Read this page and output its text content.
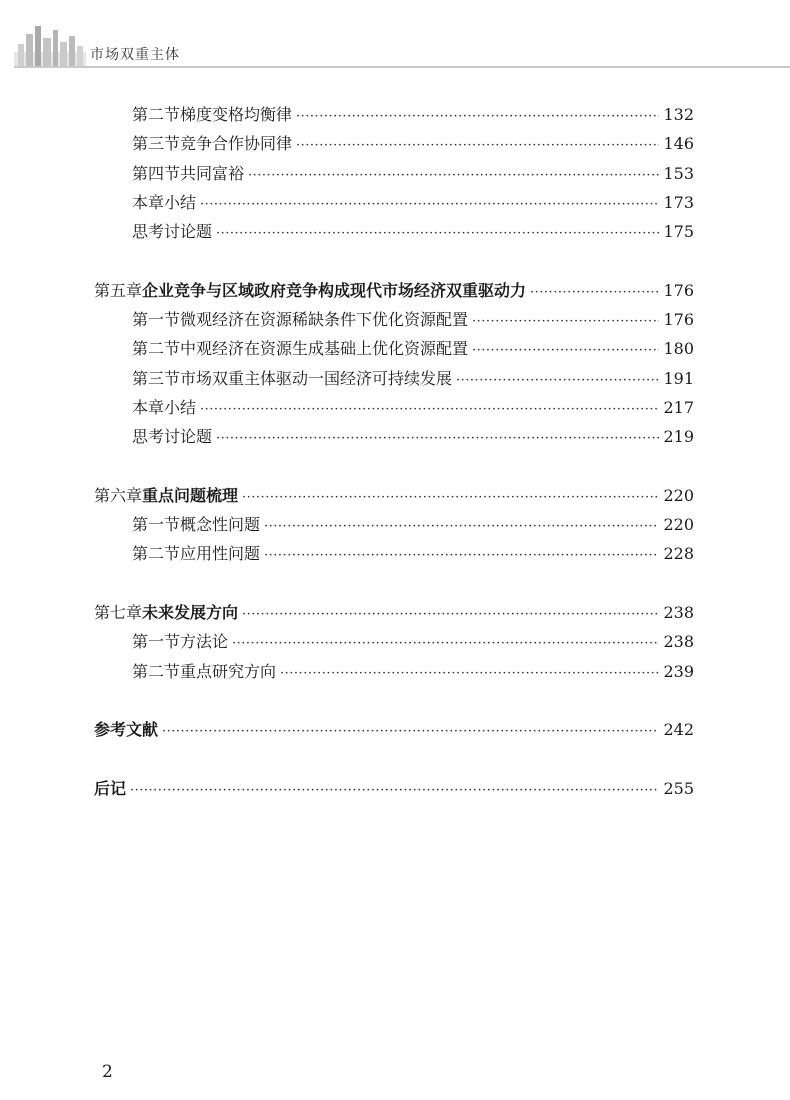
市场双重主体
第二节 梯度变格均衡律 ·····	132
第三节 竞争合作协同律 ·····	146
第四节 共同富裕 ·····	153
本章小结 ·····	173
思考讨论题 ·····	175
第五章 企业竞争与区域政府竞争构成现代市场经济双重驱动力 ·····	176
第一节 微观经济在资源稀缺条件下优化资源配置 ·····	176
第二节 中观经济在资源生成基础上优化资源配置 ·····	180
第三节 市场双重主体驱动一国经济可持续发展 ·····	191
本章小结 ·····	217
思考讨论题 ·····	219
第六章 重点问题梳理 ·····	220
第一节 概念性问题 ·····	220
第二节 应用性问题 ·····	228
第七章 未来发展方向 ·····	238
第一节 方法论 ·····	238
第二节 重点研究方向 ·····	239
参考文献 ·····	242
后记 ·····	255
2
